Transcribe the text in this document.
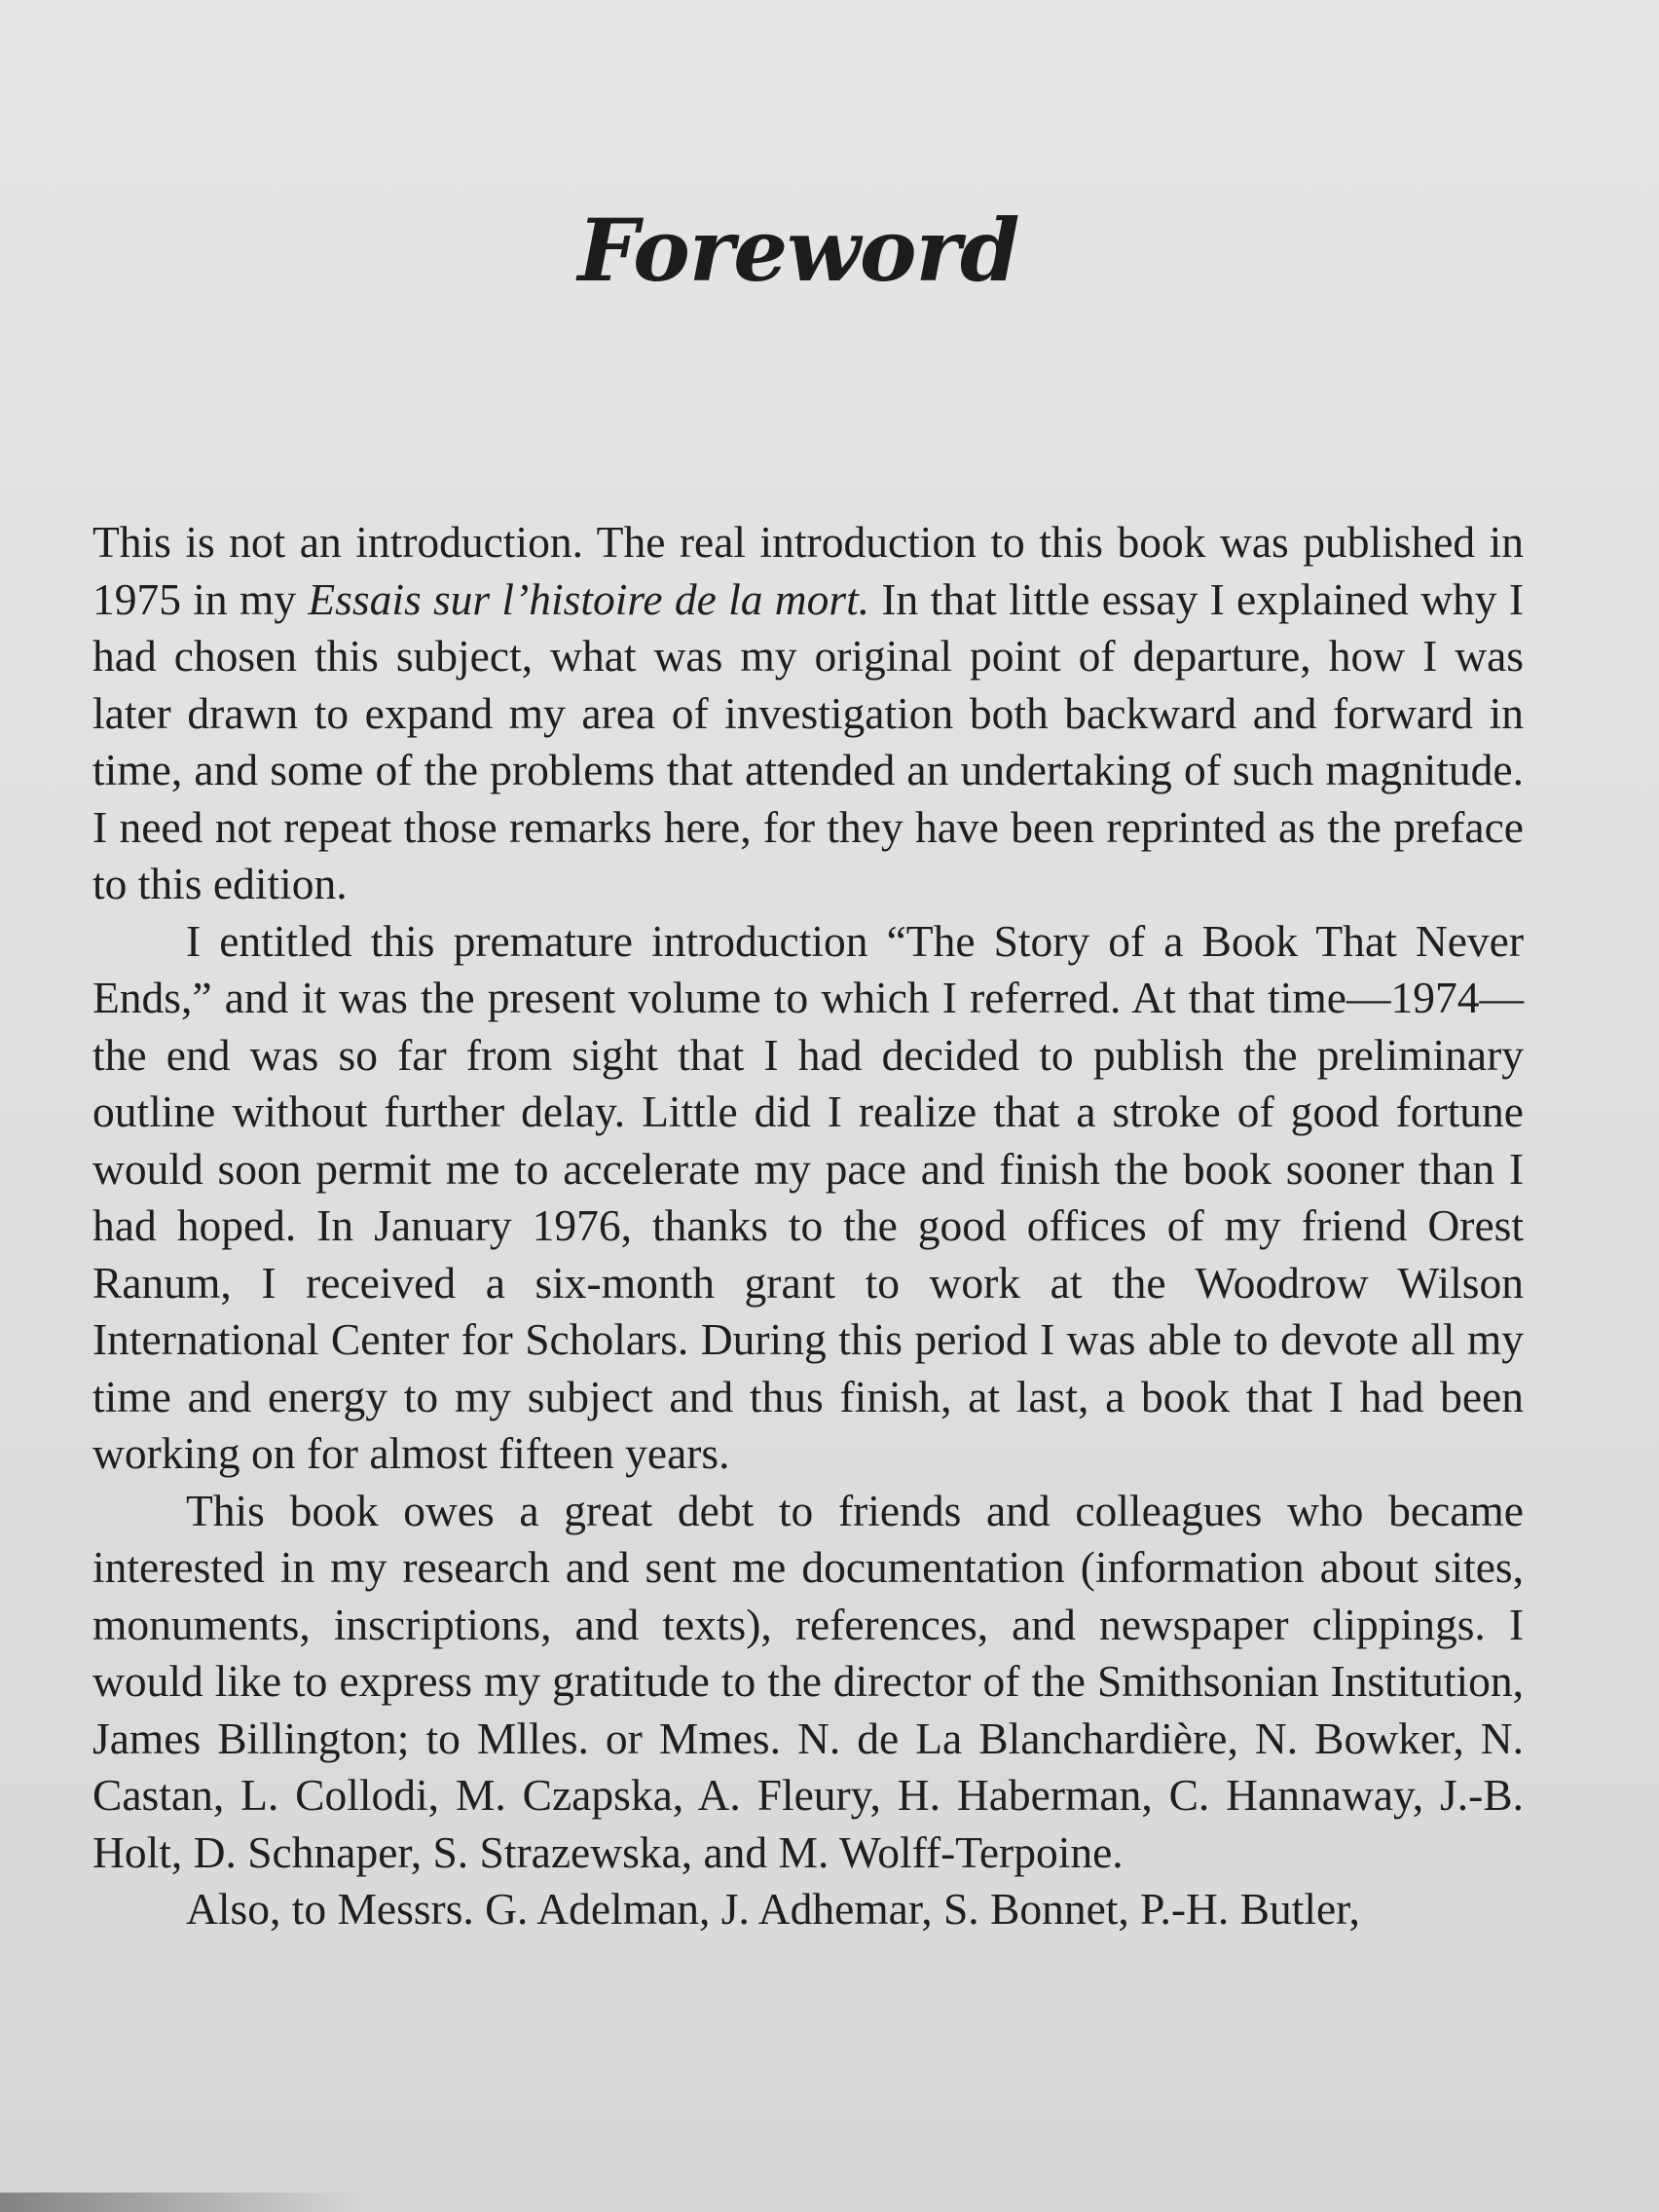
Foreword

This is not an introduction. The real introduction to this book was published in 1975 in my Essais sur l’histoire de la mort. In that little essay I explained why I had chosen this subject, what was my original point of departure, how I was later drawn to expand my area of investigation both backward and forward in time, and some of the problems that attended an undertaking of such magnitude. I need not repeat those remarks here, for they have been reprinted as the preface to this edition.

I entitled this premature introduction “The Story of a Book That Never Ends,” and it was the present volume to which I referred. At that time—1974—the end was so far from sight that I had decided to publish the preliminary outline without further delay. Little did I realize that a stroke of good fortune would soon permit me to accelerate my pace and finish the book sooner than I had hoped. In January 1976, thanks to the good offices of my friend Orest Ranum, I received a six-month grant to work at the Woodrow Wilson International Center for Scholars. During this period I was able to devote all my time and energy to my subject and thus finish, at last, a book that I had been working on for almost fifteen years.

This book owes a great debt to friends and colleagues who became interested in my research and sent me documentation (information about sites, monuments, inscriptions, and texts), references, and newspaper clippings. I would like to express my gratitude to the director of the Smithsonian Institution, James Billington; to Mlles. or Mmes. N. de La Blanchardière, N. Bowker, N. Castan, L. Collodi, M. Czapska, A. Fleury, H. Haberman, C. Hannaway, J.-B. Holt, D. Schnaper, S. Strazewska, and M. Wolff-Terpoine.

Also, to Messrs. G. Adelman, J. Adhemar, S. Bonnet, P.-H. Butler,
